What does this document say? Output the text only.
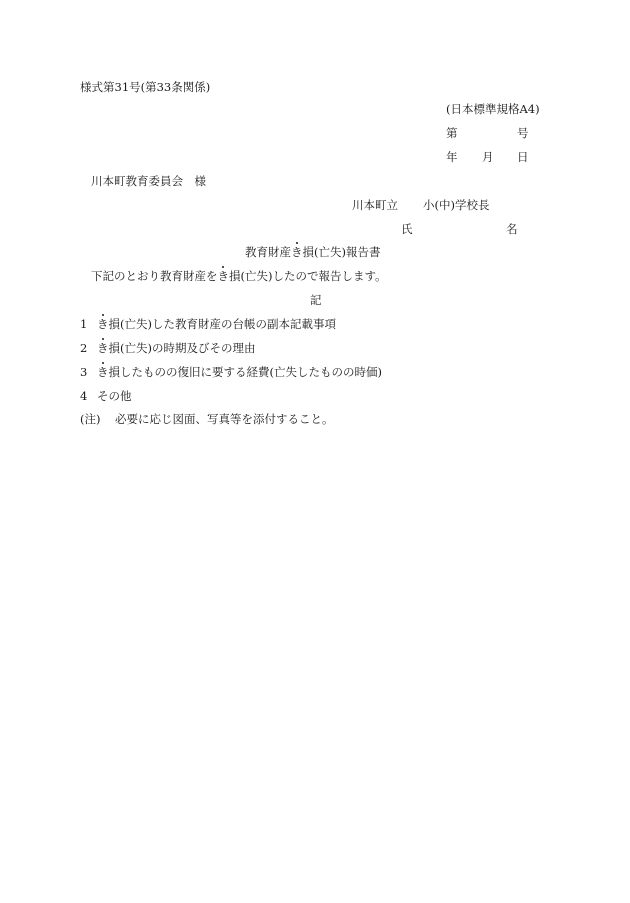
様式第31号(第33条関係)
(日本標準規格A4)
第	号
年 月 日
川本町教育委員会　様
川本町立 小(中)学校長
氏	名
教育財産き損(亡失)報告書
下記のとおり教育財産をき損(亡失)したので報告します。
記
1 き損(亡失)した教育財産の台帳の副本記載事項
2 き損(亡失)の時期及びその理由
3 き損したものの復旧に要する経費(亡失したものの時価)
4 その他
(注) 必要に応じ図面、写真等を添付すること。
